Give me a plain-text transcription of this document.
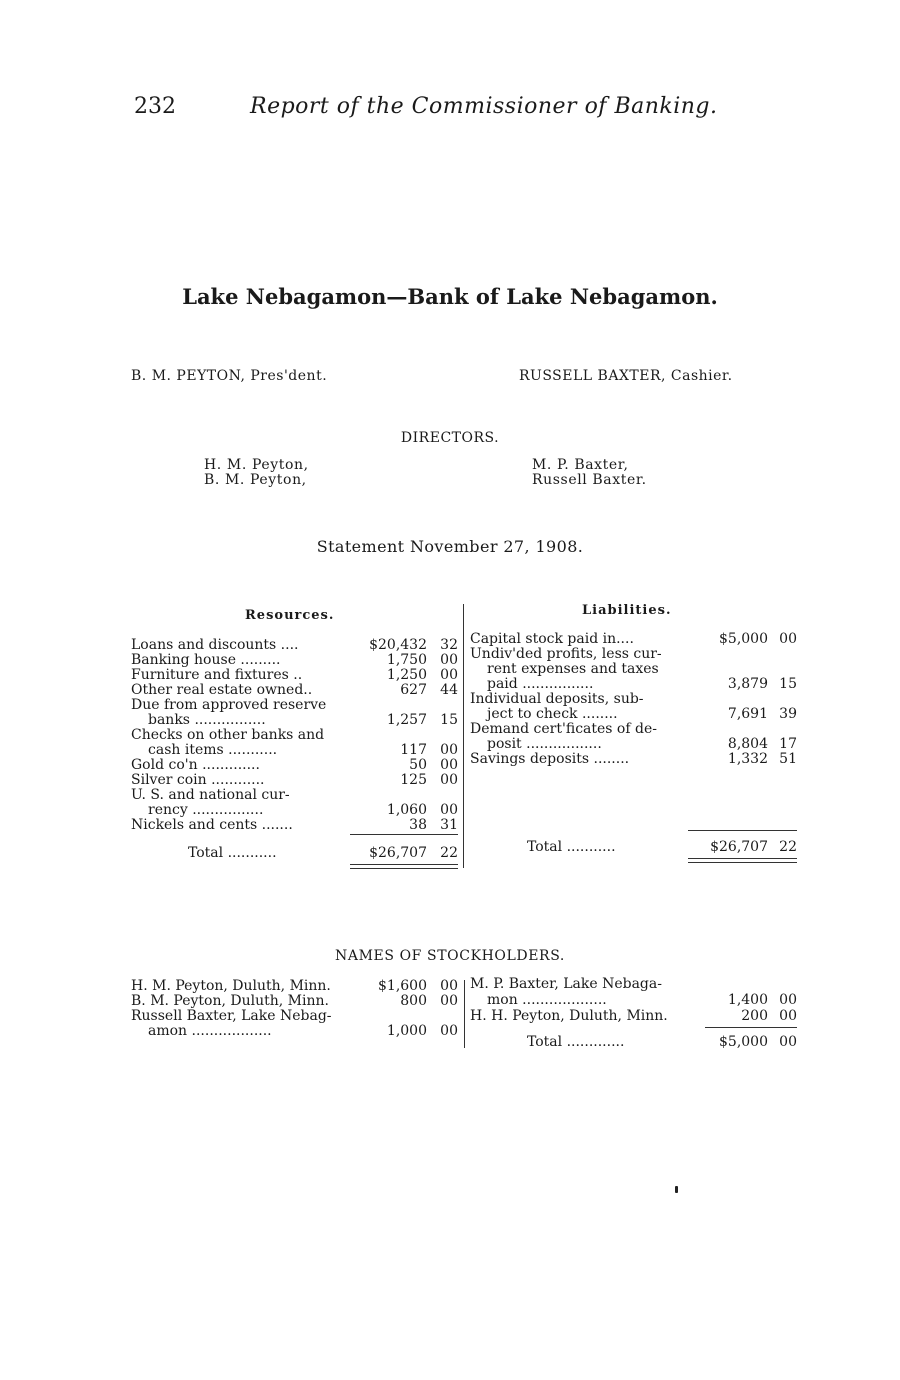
232	Report of the Commissioner of Banking.
Lake Nebagamon—Bank of Lake Nebagamon.
B. M. PEYTON, Pres'dent.	RUSSELL BAXTER, Cashier.
DIRECTORS.
H. M. Peyton,
B. M. Peyton,
M. P. Baxter,
Russell Baxter.
Statement November 27, 1908.
Resources.	Liabilities.
Loans and discounts ....	$20,432 32
Banking house .........	1,750 00
Furniture and fixtures ..	1,250 00
Other real estate owned..	627 44
Due from approved reserve
banks ................	1,257 15
Checks on other banks and
cash items ...........	117 00
Gold co'n .............	50 00
Silver coin ............	125 00
U. S. and national cur-
rency ................	1,060 00
Nickels and cents .......	38 31
Capital stock paid in....	$5,000 00
Undiv'ded profits, less cur-
rent expenses and taxes
paid ................	3,879 15
Individual deposits, sub-
ject to check ........	7,691 39
Demand cert'ficates of de-
posit .................	8,804 17
Savings deposits ........	1,332 51
Total ...........	$26,707 22	Total ...........	$26,707 22
NAMES OF STOCKHOLDERS.
H. M. Peyton, Duluth, Minn.	$1,600 00
B. M. Peyton, Duluth, Minn.	800 00
Russell Baxter, Lake Nebag-
amon ..................	1,000 00
M. P. Baxter, Lake Nebaga-
mon ...................	1,400 00
H. H. Peyton, Duluth, Minn.	200 00
Total .............	$5,000 00
